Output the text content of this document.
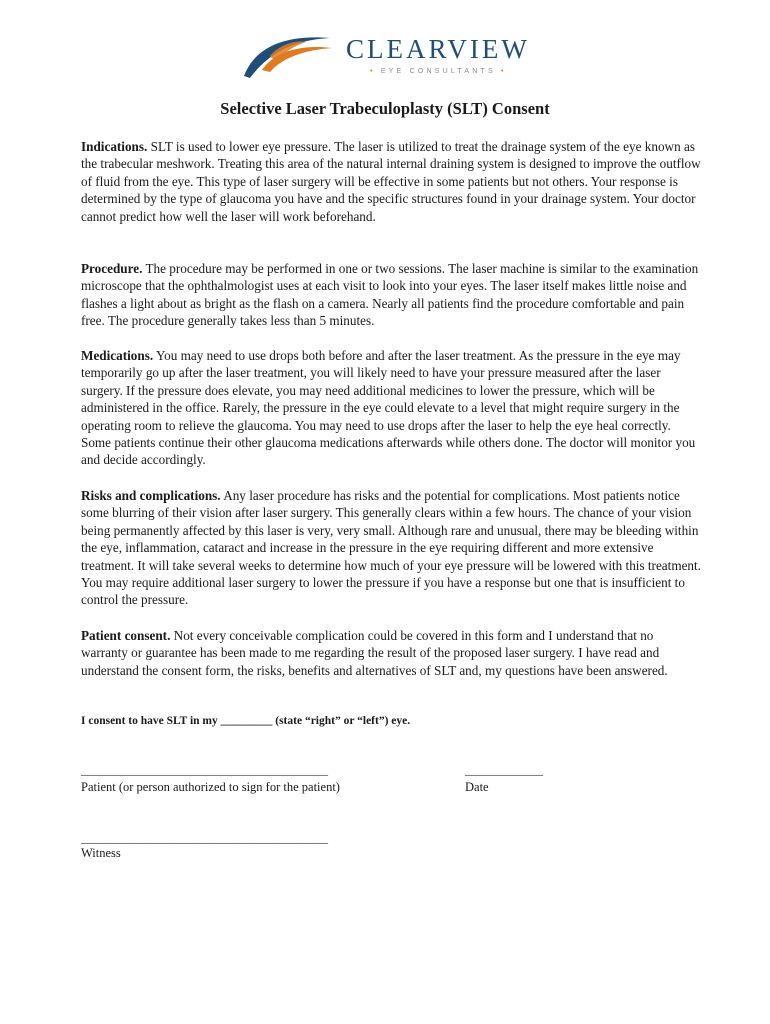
CLEARVIEW
• EYE CONSULTANTS •
Selective Laser Trabeculoplasty (SLT) Consent

Indications. SLT is used to lower eye pressure. The laser is utilized to treat the drainage system of the eye known as the trabecular meshwork. Treating this area of the natural internal draining system is designed to improve the outflow of fluid from the eye. This type of laser surgery will be effective in some patients but not others. Your response is determined by the type of glaucoma you have and the specific structures found in your drainage system. Your doctor cannot predict how well the laser will work beforehand.

Procedure. The procedure may be performed in one or two sessions. The laser machine is similar to the examination microscope that the ophthalmologist uses at each visit to look into your eyes. The laser itself makes little noise and flashes a light about as bright as the flash on a camera. Nearly all patients find the procedure comfortable and pain free. The procedure generally takes less than 5 minutes.

Medications. You may need to use drops both before and after the laser treatment. As the pressure in the eye may temporarily go up after the laser treatment, you will likely need to have your pressure measured after the laser surgery. If the pressure does elevate, you may need additional medicines to lower the pressure, which will be administered in the office. Rarely, the pressure in the eye could elevate to a level that might require surgery in the operating room to relieve the glaucoma. You may need to use drops after the laser to help the eye heal correctly. Some patients continue their other glaucoma medications afterwards while others done. The doctor will monitor you and decide accordingly.

Risks and complications. Any laser procedure has risks and the potential for complications. Most patients notice some blurring of their vision after laser surgery. This generally clears within a few hours. The chance of your vision being permanently affected by this laser is very, very small. Although rare and unusual, there may be bleeding within the eye, inflammation, cataract and increase in the pressure in the eye requiring different and more extensive treatment. It will take several weeks to determine how much of your eye pressure will be lowered with this treatment. You may require additional laser surgery to lower the pressure if you have a response but one that is insufficient to control the pressure.

Patient consent. Not every conceivable complication could be covered in this form and I understand that no warranty or guarantee has been made to me regarding the result of the proposed laser surgery. I have read and understand the consent form, the risks, benefits and alternatives of SLT and, my questions have been answered.

I consent to have SLT in my _________ (state “right” or “left”) eye.
______________________________________
Patient (or person authorized to sign for the patient)
____________
Date
______________________________________
Witness
